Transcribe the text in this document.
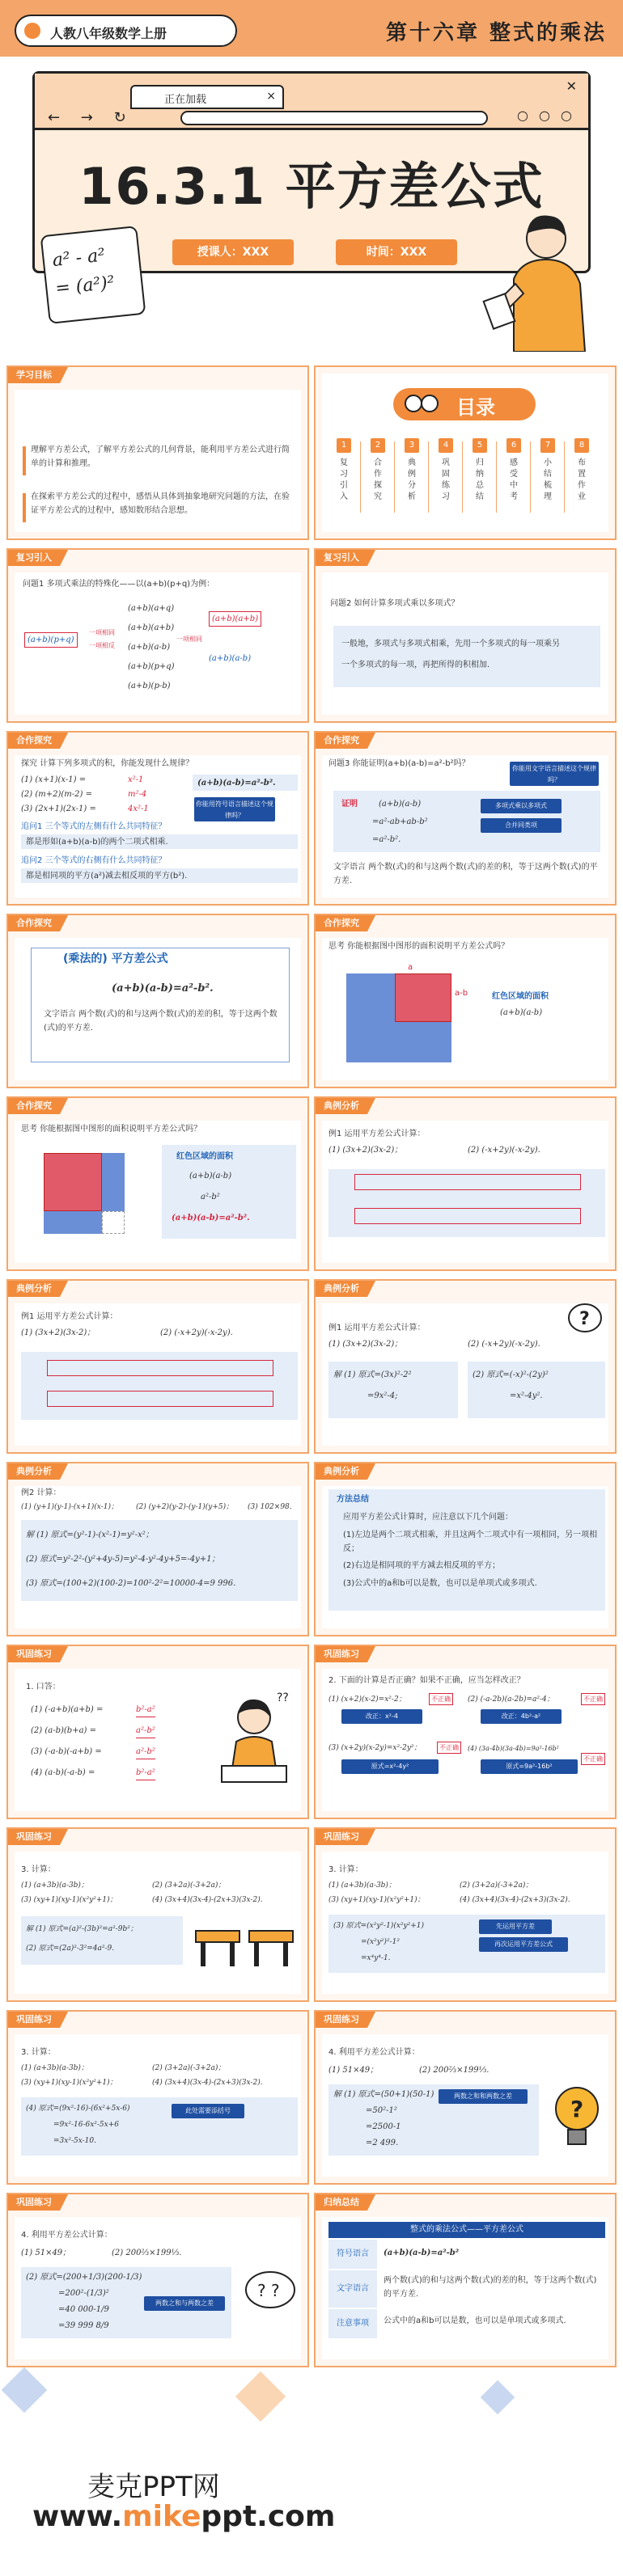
人教八年级数学上册	第十六章 整式的乘法
正在加载	×
← → ↻	○ ○ ○
✕
16.3.1 平方差公式
授课人：XXX	时间：XXX
a² - a²
= (a²)²
学习目标
理解平方差公式，了解平方差公式的几何背景，能利用平方差公式进行简单的计算和推理。
在探索平方差公式的过程中，感悟从具体到抽象地研究问题的方法，在验证平方差公式的过程中，感知数形结合思想。
目录
1
复习引入
2
合作探究
3
典例分析
4
巩固练习
5
归纳总结
6
感受中考
7
小结梳理
8
布置作业
复习引入
问题1 多项式乘法的特殊化——以(a+b)(p+q)为例：
(a+b)(p+q)
(a+b)(a+q)
(a+b)(a+b)
(a+b)(a-b)
(a+b)(p+q)
(a+b)(p-b)
(a+b)(a+b)
(a+b)(a-b)
一项相同
一项相反
一项相同
复习引入
问题2 如何计算多项式乘以多项式？
一般地，多项式与多项式相乘，先用一个多项式的每一项乘另
一个多项式的每一项，再把所得的积相加.
合作探究
探究 计算下列多项式的积，你能发现什么规律？
(1) (x+1)(x-1) =	x²-1
(2) (m+2)(m-2) =	m²-4
(3) (2x+1)(2x-1) =	4x²-1
(a+b)(a-b)=a²-b².
你能用符号语言描述这个规律吗？
追问1 三个等式的左侧有什么共同特征？
都是形如(a+b)(a-b)的两个二项式相乘.
追问2 三个等式的右侧有什么共同特征？
都是相同项的平方(a²)减去相反项的平方(b²).
合作探究
问题3 你能证明(a+b)(a-b)=a²-b²吗？
你能用文字语言描述这个规律吗？
证明	(a+b)(a-b)
=a²-ab+ab-b²
=a²-b².
多项式乘以多项式
合并同类项
文字语言 两个数(式)的和与这两个数(式)的差的积，等于这两个数(式)的平方差.
合作探究
(乘法的) 平方差公式
(a+b)(a-b)=a²-b².
文字语言 两个数(式)的和与这两个数(式)的差的积，等于这两个数(式)的平方差.
合作探究
思考 你能根据图中图形的面积说明平方差公式吗？
a
a-b	红色区域的面积
(a+b)(a-b)
合作探究
思考 你能根据图中图形的面积说明平方差公式吗？
红色区域的面积
(a+b)(a-b)
a²-b²
(a+b)(a-b)=a²-b².
典例分析
例1 运用平方差公式计算：
(1) (3x+2)(3x-2)；	(2) (-x+2y)(-x-2y).
典例分析
例1 运用平方差公式计算：
(1) (3x+2)(3x-2)；	(2) (-x+2y)(-x-2y).
典例分析
例1 运用平方差公式计算：
(1) (3x+2)(3x-2)；	(2) (-x+2y)(-x-2y).
解 (1) 原式=(3x)²-2²
=9x²-4;
(2) 原式=(-x)²-(2y)²
=x²-4y².
?
典例分析
例2 计算：
(1) (y+1)(y-1)-(x+1)(x-1)； (2) (y+2)(y-2)-(y-1)(y+5)； (3) 102×98.
解 (1) 原式=(y²-1)-(x²-1)=y²-x²；
(2) 原式=y²-2²-(y²+4y-5)=y²-4-y²-4y+5=-4y+1；
(3) 原式=(100+2)(100-2)=100²-2²=10000-4=9 996.
典例分析
方法总结
应用平方差公式计算时，应注意以下几个问题：
(1)左边是两个二项式相乘，并且这两个二项式中有一项相同，另一项相反；
(2)右边是相同项的平方减去相反项的平方；
(3)公式中的a和b可以是数，也可以是单项式或多项式.
巩固练习
1. 口答：
(1) (-a+b)(a+b) =	b²-a²
(2) (a-b)(b+a) =	a²-b²
(3) (-a-b)(-a+b) =	a²-b²
(4) (a-b)(-a-b) =	b²-a²
??
巩固练习
2. 下面的计算是否正确？如果不正确，应当怎样改正？
(1) (x+2)(x-2)=x²-2；	不正确
改正：x²-4
(2) (-a-2b)(a-2b)=a²-4；	不正确
改正：4b²-a²
(3) (x+2y)(x-2y)=x²-2y²；	不正确
原式=x²-4y²
(4) (3a-4b)(3a-4b)=9a²-16b²
不正确
原式=9a²-16b²
巩固练习
3. 计算：
(1) (a+3b)(a-3b)；	(2) (3+2a)(-3+2a)；
(3) (xy+1)(xy-1)(x²y²+1)；	(4) (3x+4)(3x-4)-(2x+3)(3x-2).
解 (1) 原式=(a)²-(3b)²=a²-9b²；
(2) 原式=(2a)²-3²=4a²-9.
巩固练习
3. 计算：
(1) (a+3b)(a-3b)；	(2) (3+2a)(-3+2a)；
(3) (xy+1)(xy-1)(x²y²+1)；	(4) (3x+4)(3x-4)-(2x+3)(3x-2).
(3) 原式=(x²y²-1)(x²y²+1)
=(x²y²)²-1²
=x⁴y⁴-1.
先运用平方差
再次运用平方差公式
巩固练习
3. 计算：
(1) (a+3b)(a-3b)；	(2) (3+2a)(-3+2a)；
(3) (xy+1)(xy-1)(x²y²+1)；	(4) (3x+4)(3x-4)-(2x+3)(3x-2).
(4) 原式=(9x²-16)-(6x²+5x-6)
=9x²-16-6x²-5x+6
=3x²-5x-10.
此处需要添括号
巩固练习
4. 利用平方差公式计算：
(1) 51×49；	(2) 200⅔×199⅓.
解 (1) 原式=(50+1)(50-1)
=50²-1²
=2500-1
=2 499.
两数之和和两数之差	?
巩固练习
4. 利用平方差公式计算：
(1) 51×49；	(2) 200⅔×199⅓.
(2) 原式=(200+1/3)(200-1/3)
=200²-(1/3)²
=40 000-1/9
=39 999 8/9
两数之和与两数之差
? ?
归纳总结
整式的乘法公式——平方差公式
符号语言	(a+b)(a-b)=a²-b²
文字语言
两个数(式)的和与这两个数(式)的差的积，等于这两个数(式)的平方差.
注意事项	公式中的a和b可以是数，也可以是单项式或多项式.
麦克PPT网
www.mikeppt.com
